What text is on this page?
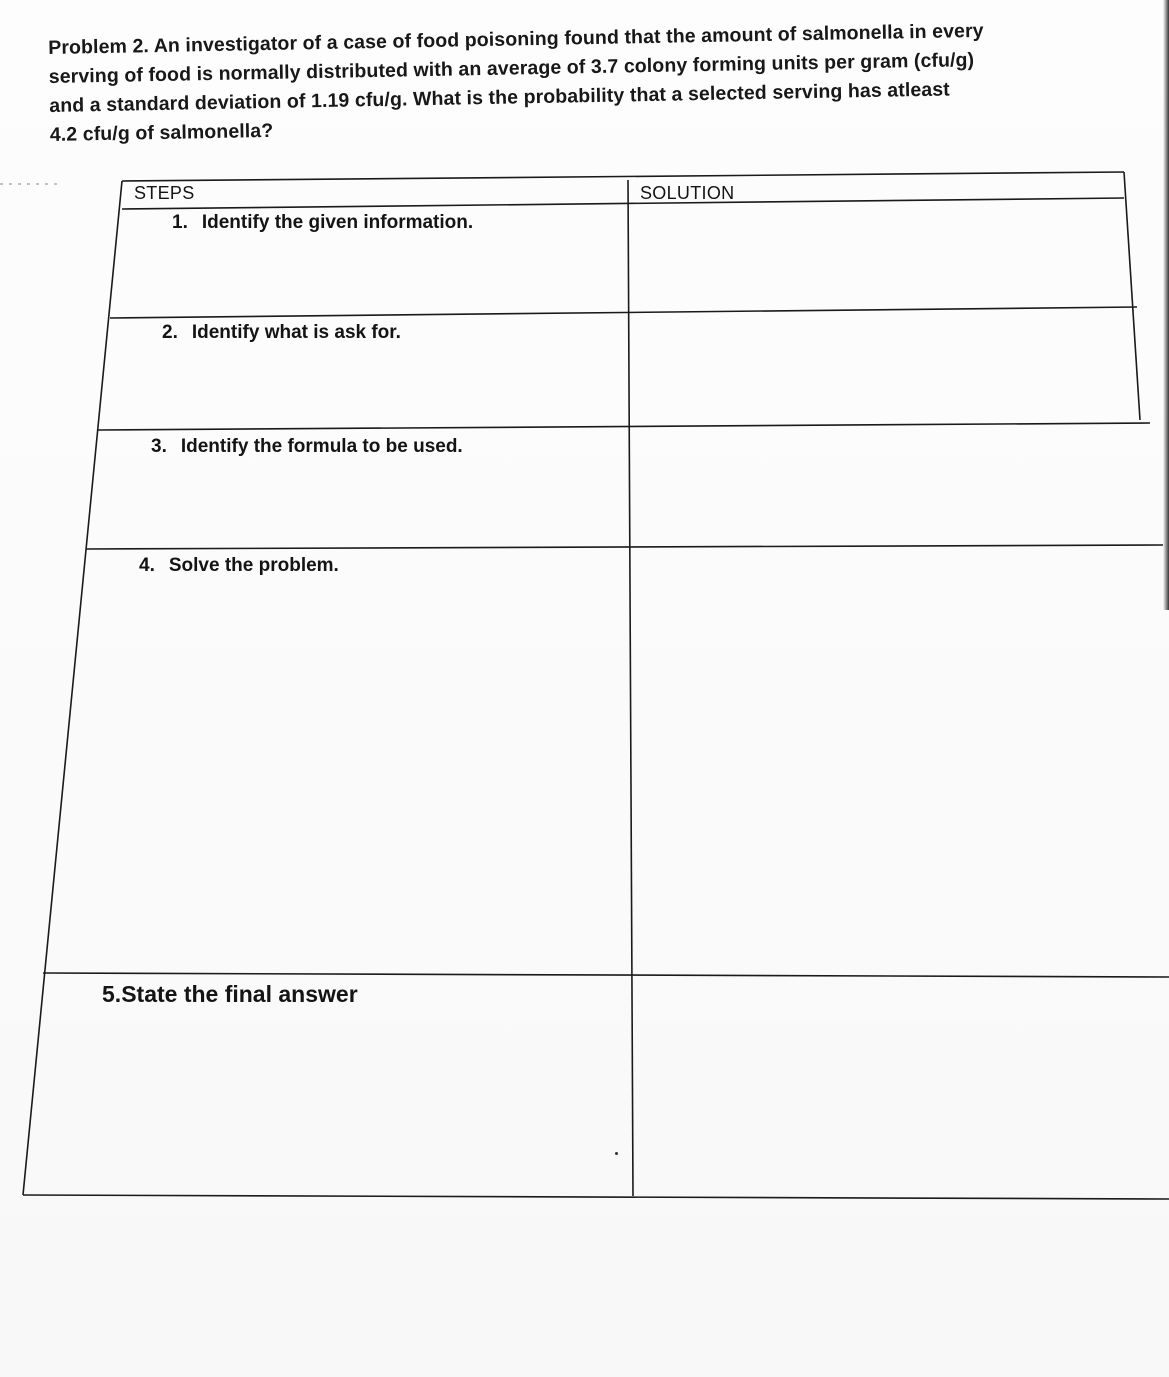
Problem 2. An investigator of a case of food poisoning found that the amount of salmonella in every
serving of food is normally distributed with an average of 3.7 colony forming units per gram (cfu/g)
and a standard deviation of 1.19 cfu/g. What is the probability that a selected serving has atleast
4.2 cfu/g of salmonella?
STEPS	SOLUTION
1. Identify the given information.
2. Identify what is ask for.
3. Identify the formula to be used.
4. Solve the problem.
5.State the final answer
